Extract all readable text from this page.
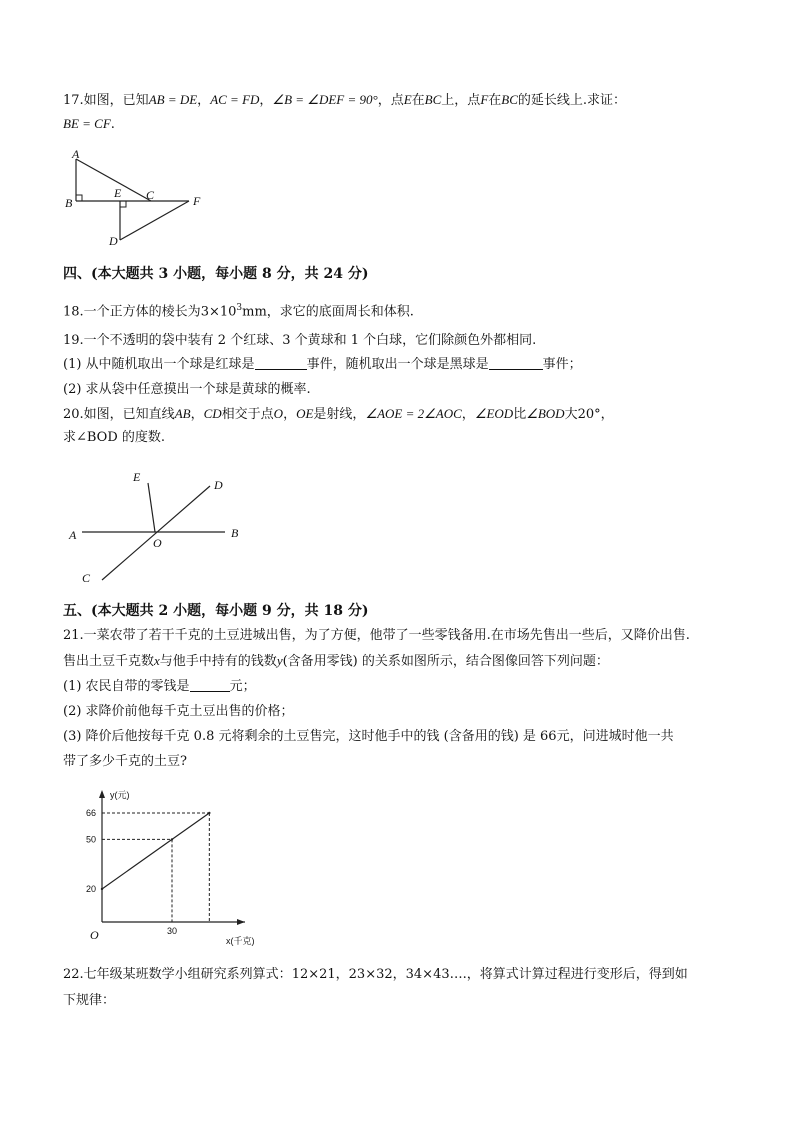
17.如图，已知AB = DE，AC = FD，∠B = ∠DEF = 90°，点E在BC上，点F在BC的延长线上.求证：
BE = CF.
A
B
E C	F
D
四、(本大题共 3 小题，每小题 8 分，共 24 分)
18.一个正方体的棱长为$3\times 10^3mm$，求它的底面周长和体积.
19.一个不透明的袋中装有 2 个红球、3 个黄球和 1 个白球，它们除颜色外都相同.
(1) 从中随机取出一个球是红球是	事件，随机取出一个球是黑球是	事件；
(2) 求从袋中任意摸出一个球是黄球的概率.
20.如图，已知直线AB，CD相交于点O，OE是射线，∠AOE = 2∠AOC，∠EOD比∠BOD大20°，
求∠BOD 的度数.
A	B
C
D
E
O
五、(本大题共 2 小题，每小题 9 分，共 18 分)
21.一菜农带了若干千克的土豆进城出售，为了方便，他带了一些零钱备用.在市场先售出一些后，又降价出售.
售出土豆千克数x与他手中持有的钱数y(含备用零钱) 的关系如图所示，结合图像回答下列问题：
(1) 农民自带的零钱是	元；
(2) 求降价前他每千克土豆出售的价格；
(3) 降价后他按每千克 0.8 元将剩余的土豆售完，这时他手中的钱 (含备用的钱) 是 66元，问进城时他一共
带了多少千克的土豆?
y(元)
x(千克)
O
20
50
66
30
22.七年级某班数学小组研究系列算式：12×21，23×32，34×43….，将算式计算过程进行变形后，得到如
下规律：
